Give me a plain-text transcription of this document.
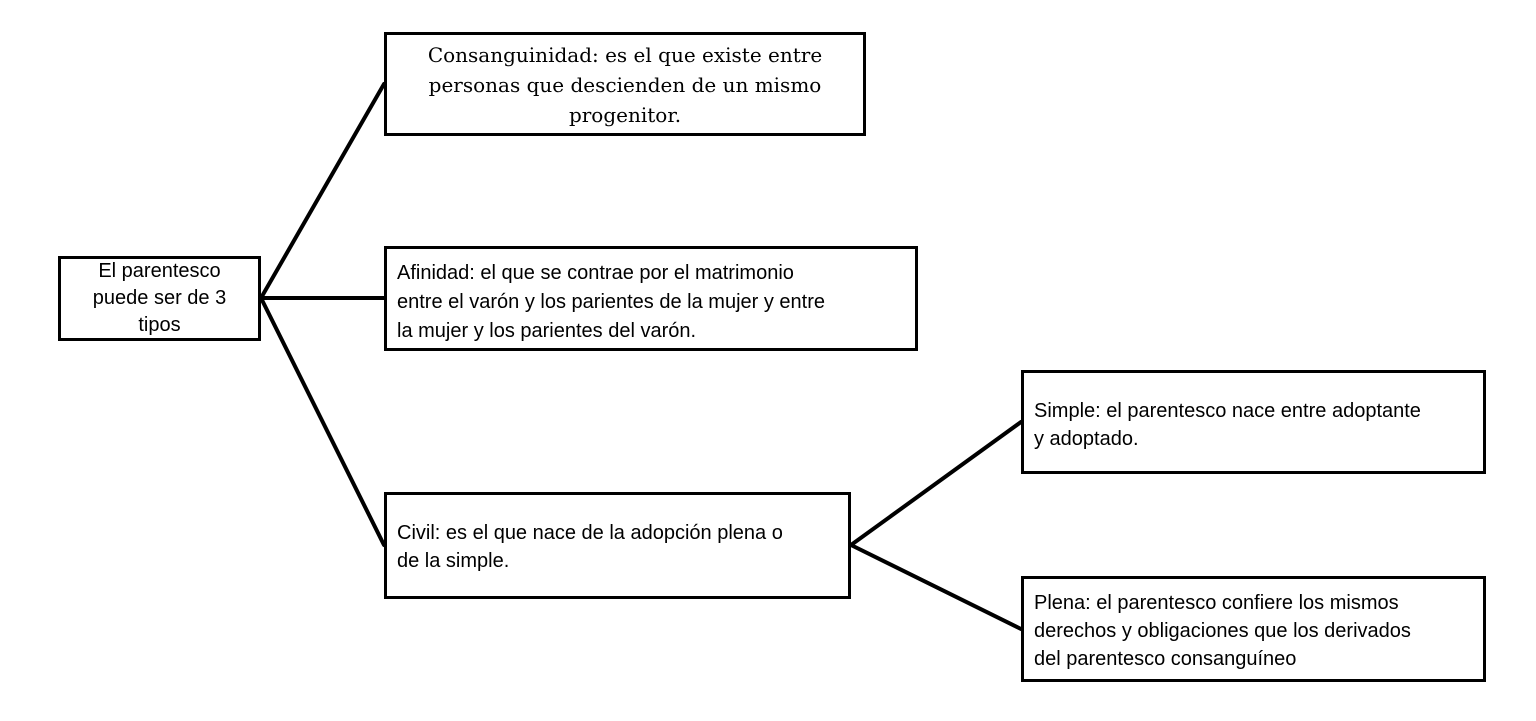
El parentesco
puede ser de 3
tipos
Consanguinidad: es el que existe entre
personas que descienden de un mismo
progenitor.
Afinidad: el que se contrae por el matrimonio
entre el varón y los parientes de la mujer y entre
la mujer y los parientes del varón.
Civil: es el que nace de la adopción plena o
de la simple.
Simple: el parentesco nace entre adoptante
y adoptado.
Plena: el parentesco confiere los mismos
derechos y obligaciones que los derivados
del parentesco consanguíneo
